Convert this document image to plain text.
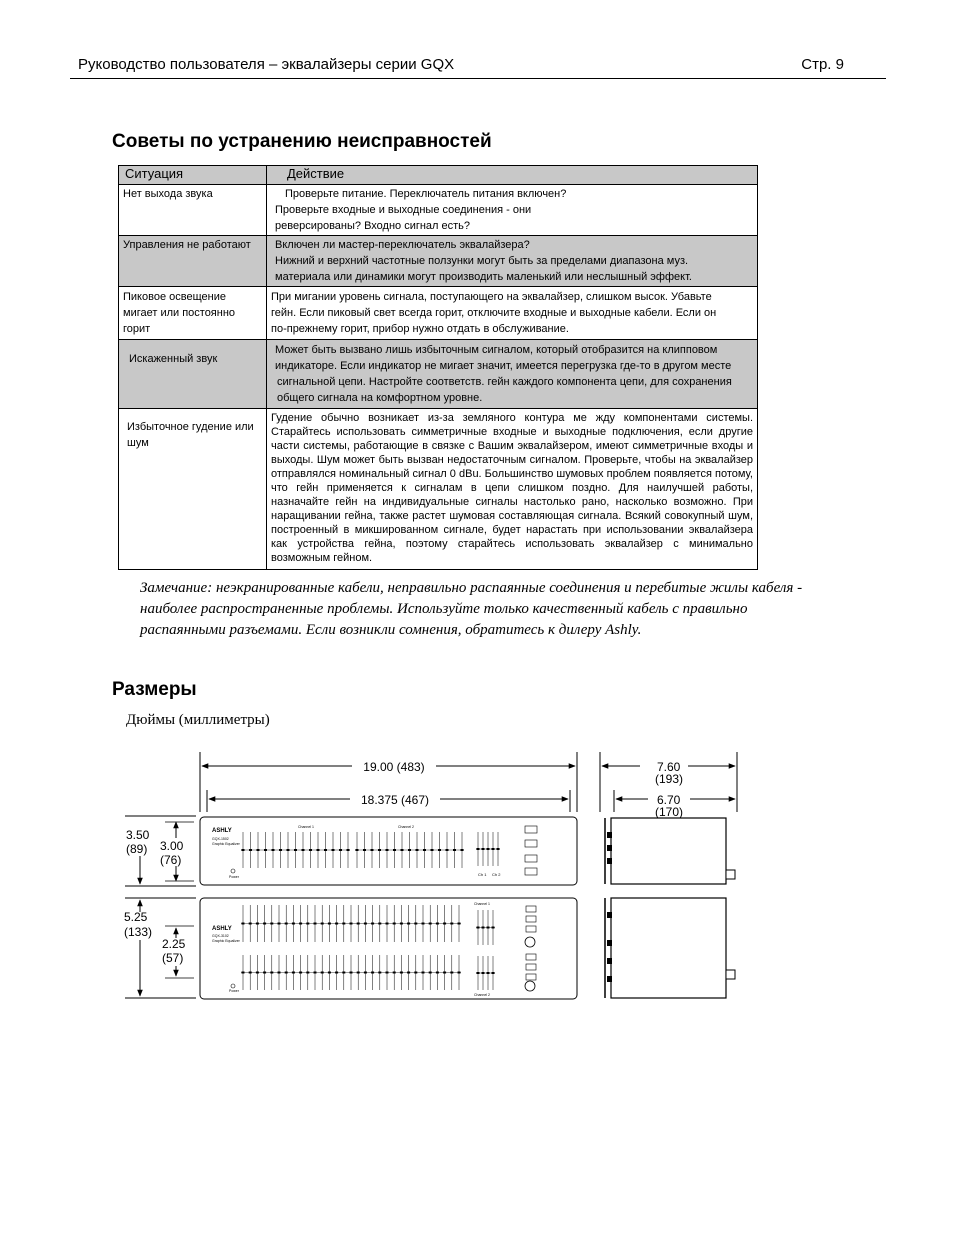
Руководство пользователя – эквалайзеры серии GQX	Стр. 9
Советы по устранению неисправностей
Ситуация	Действие
Нет выхода звука	Проверьте питание. Переключатель питания включен?
Проверьте входные и выходные соединения - они
реверсированы? Входно сигнал есть?

Управления не работают	Включен ли мастер-переключатель эквалайзера?
Нижний и верхний частотные ползунки могут быть за пределами диапазона муз.
материала или динамики могут производить маленький или неслышный эффект.

Пиковое освещение мигает или постоянно горит	При мигании уровень сигнала, поступающего на эквалайзер, слишком высок. Убавьте
гейн. Если пиковый свет всегда горит, отключите входные и выходные кабели. Если он
по-прежнему горит, прибор нужно отдать в обслуживание.

Искаженный звук	Может быть вызвано лишь избыточным сигналом, который отобразится на клипповом
индикаторе. Если индикатор не мигает значит, имеется перегрузка где-то в другом месте
сигнальной цепи. Настройте соответств. гейн каждого компонента цепи, для сохранения
общего сигнала на комфортном уровне.

Избыточное гудение или шум	Гудение обычно возникает из-за земляного контура ме жду компонентами системы. Старайтесь использовать симметричные входные и выходные подключения, если другие части системы, работающие в связке с Вашим эквалайзером, имеют симметричные входы и выходы. Шум может быть вызван недостаточным сигналом. Проверьте, чтобы на эквалайзер отправлялся номинальный сигнал 0 dBu. Большинство шумовых проблем появляется потому, что гейн применяется к сигналам в цепи слишком поздно. Для наилучшей работы, назначайте гейн на индивидуальные сигналы настолько рано, насколько возможно. При наращивании гейна, также растет шумовая составляющая сигнала. Всякий совокупный шум, построенный в микшированном сигнале, будет нарастать при использовании эквалайзера как устройства гейна, поэтому старайтесь использовать эквалайзер с минимально возможным гейном.
Замечание: неэкранированные кабели, неправильно распаянные соединения и перебитые жилы кабеля - наиболее распространенные проблемы. Используйте только качественный кабель с правильно распаянными разъемами. Если возникли сомнения, обратитесь к дилеру Ashly.
Размеры
Дюймы (миллиметры)
19.00 (483)
18.375 (467)
3.50
(89) 3.00
(76)
ASHLY
GQX-1502
Graphic Equalizer
Channel 1	Channel 2
Ch 1 Ch 2
Power
7.60
(193)
6.70
(170)
5.25
(133)
2.25
(57)
ASHLY
GQX-3102
Graphic Equalizer
Channel 1
Channel 2
Power
